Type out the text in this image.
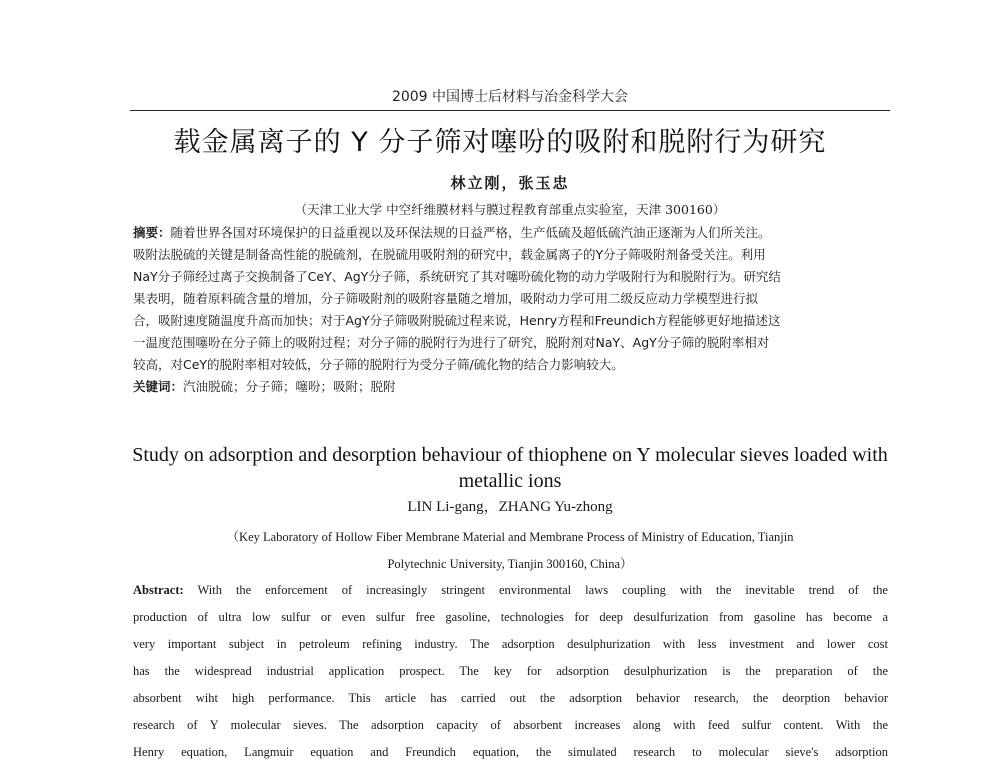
2009 中国博士后材料与冶金科学大会
载金属离子的 Y 分子筛对噻吩的吸附和脱附行为研究
林立刚，张玉忠
（天津工业大学 中空纤维膜材料与膜过程教育部重点实验室，天津 300160）
摘要：随着世界各国对环境保护的日益重视以及环保法规的日益严格，生产低硫及超低硫汽油正逐渐为人们所关注。
吸附法脱硫的关键是制备高性能的脱硫剂，在脱硫用吸附剂的研究中，载金属离子的Y分子筛吸附剂备受关注。利用
NaY分子筛经过离子交换制备了CeY、AgY分子筛，系统研究了其对噻吩硫化物的动力学吸附行为和脱附行为。研究结
果表明，随着原料硫含量的增加，分子筛吸附剂的吸附容量随之增加，吸附动力学可用二级反应动力学模型进行拟
合，吸附速度随温度升高而加快；对于AgY分子筛吸附脱硫过程来说，Henry方程和Freundich方程能够更好地描述这
一温度范围噻吩在分子筛上的吸附过程；对分子筛的脱附行为进行了研究，脱附剂对NaY、AgY分子筛的脱附率相对
较高，对CeY的脱附率相对较低，分子筛的脱附行为受分子筛/硫化物的结合力影响较大。
关键词：汽油脱硫；分子筛；噻吩；吸附；脱附
Study on adsorption and desorption behaviour of thiophene on Y molecular sieves loaded with
metallic ions
LIN Li-gang，ZHANG Yu-zhong
（Key Laboratory of Hollow Fiber Membrane Material and Membrane Process of Ministry of Education, Tianjin
Polytechnic University, Tianjin 300160, China）
Abstract: With the enforcement of increasingly stringent environmental laws coupling with the inevitable trend of the
production of ultra low sulfur or even sulfur free gasoline, technologies for deep desulfurization from gasoline has become a
very important subject in petroleum refining industry. The adsorption desulphurization with less investment and lower cost
has the widespread industrial application prospect. The key for adsorption desulphurization is the preparation of the
absorbent wiht high performance. This article has carried out the adsorption behavior research, the deorption behavior
research of Y molecular sieves. The adsorption capacity of absorbent increases along with feed sulfur content. With the
Henry equation, Langmuir equation and Freundich equation, the simulated research to molecular sieve's adsorption
